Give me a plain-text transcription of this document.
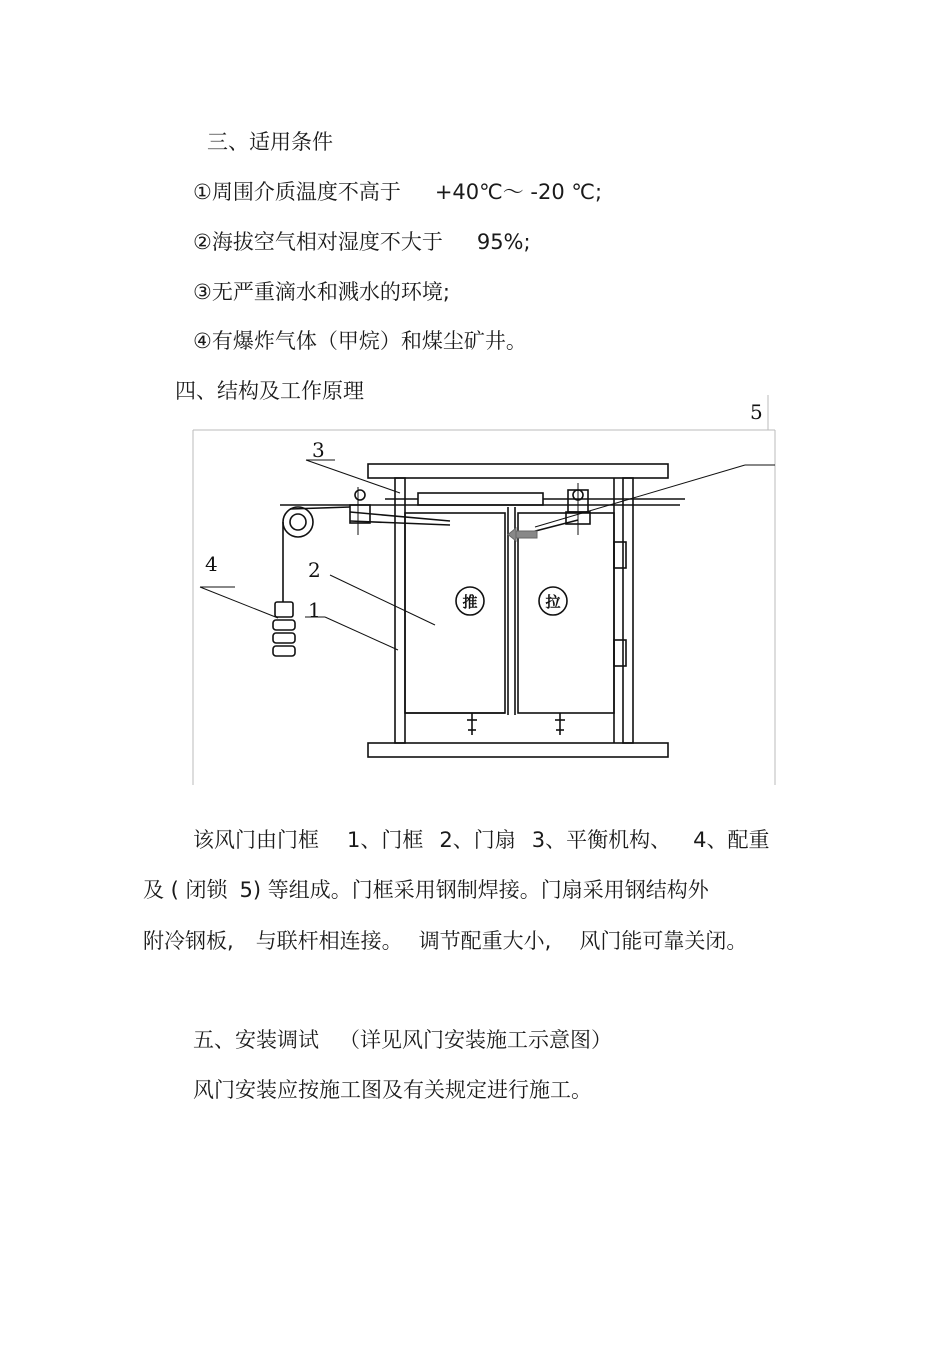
三、适用条件
①周围介质温度不高于 +40℃～ -20 ℃;
②海拔空气相对湿度不大于 95%;
③无严重滴水和溅水的环境;
④有爆炸气体（甲烷）和煤尘矿井。
四、结构及工作原理
3
2
1
4
5
推	拉
该风门由门框 1、门框 2、门扇 3、平衡机构、 4、配重
及 ( 闭锁 5) 等组成。门框采用钢制焊接。门扇采用钢结构外
附冷钢板, 与联杆相连接。 调节配重大小, 风门能可靠关闭。
五、安装调试 （详见风门安装施工示意图）
风门安装应按施工图及有关规定进行施工。
